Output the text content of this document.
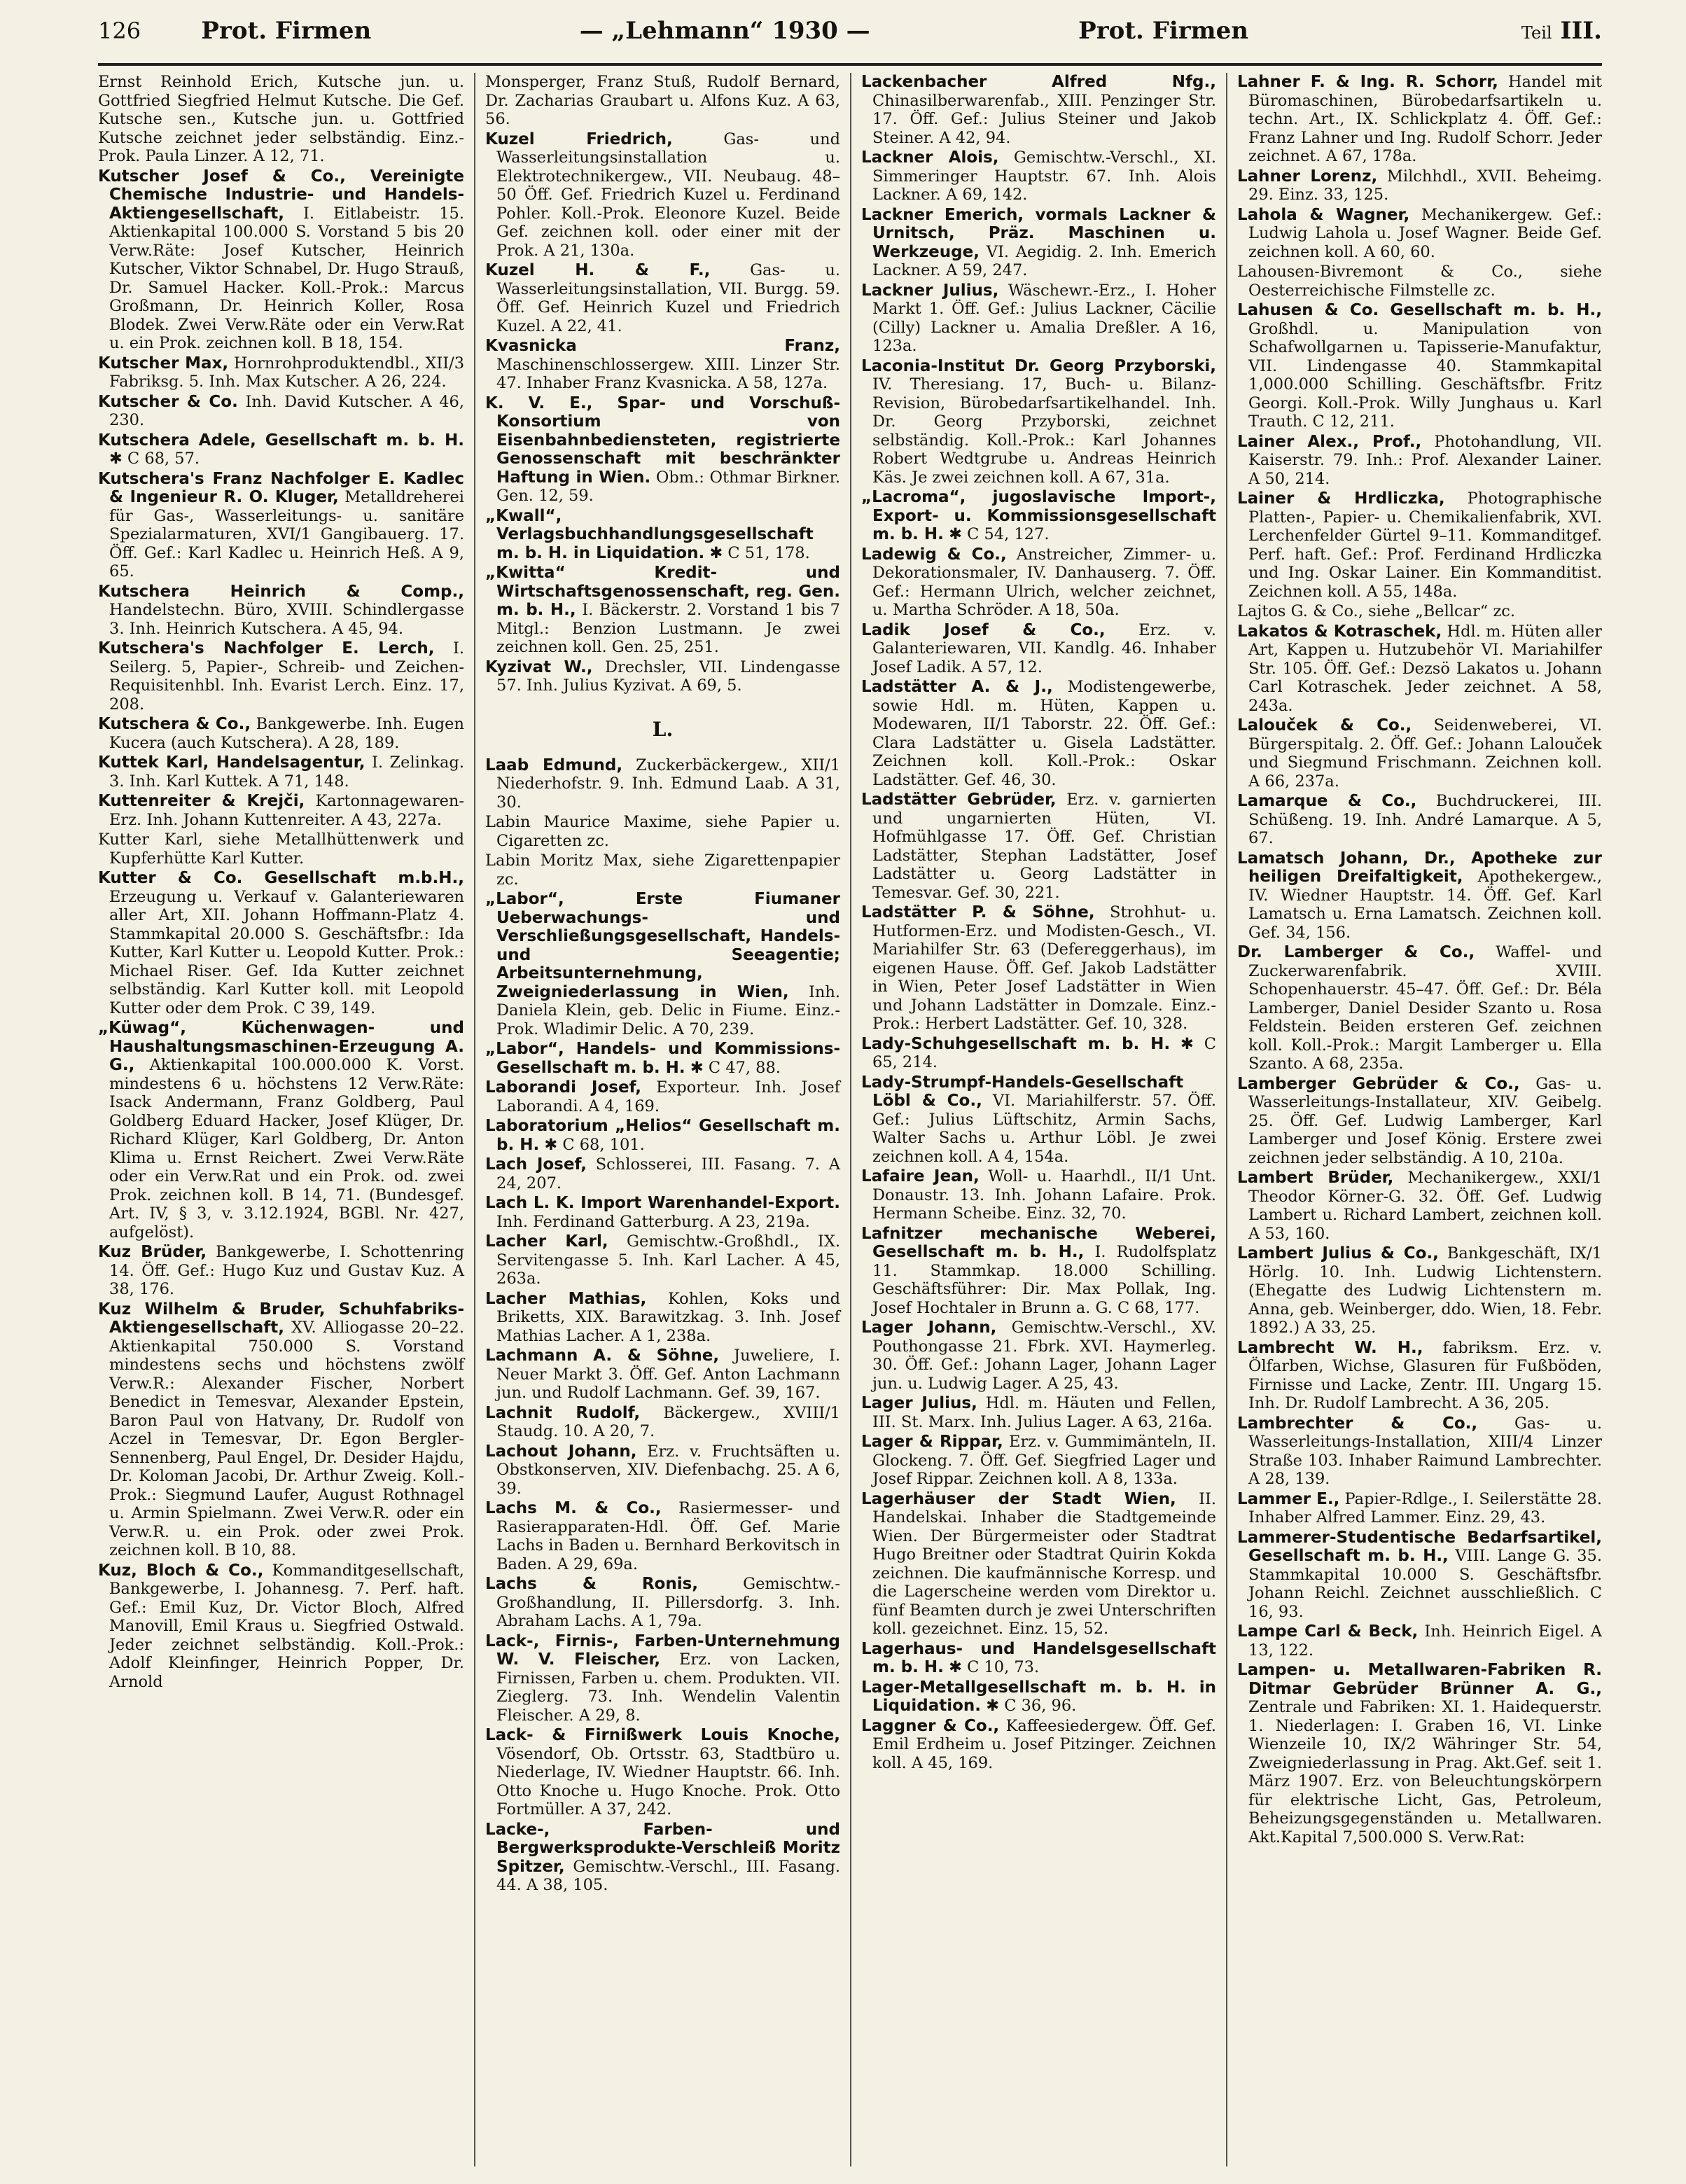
126	Prot. Firmen	— „Lehmann“ 1930 —	Prot. Firmen	Teil III.

Ernst Reinhold Erich, Kutsche jun. u. Gottfried Siegfried Helmut Kutsche. Die Gef. Kutsche sen., Kutsche jun. u. Gottfried Kutsche zeichnet jeder selbständig. Einz.-Prok. Paula Linzer. A 12, 71.

Kutscher Josef & Co., Vereinigte Chemische Industrie- und Handels-Aktiengesellschaft, I. Eitlabeistr. 15. Aktienkapital 100.000 S. Vorstand 5 bis 20 Verw.Räte: Josef Kutscher, Heinrich Kutscher, Viktor Schnabel, Dr. Hugo Strauß, Dr. Samuel Hacker. Koll.-Prok.: Marcus Großmann, Dr. Heinrich Koller, Rosa Blodek. Zwei Verw.Räte oder ein Verw.Rat u. ein Prok. zeichnen koll. B 18, 154.

Kutscher Max, Hornrohproduktendbl., XII/3 Fabriksg. 5. Inh. Max Kutscher. A 26, 224.

Kutscher & Co. Inh. David Kutscher. A 46, 230.

Kutschera Adele, Gesellschaft m. b. H. ✱ C 68, 57.

Kutschera's Franz Nachfolger E. Kadlec & Ingenieur R. O. Kluger, Metalldreherei für Gas-, Wasserleitungs- u. sanitäre Spezialarmaturen, XVI/1 Gangibauerg. 17. Öff. Gef.: Karl Kadlec u. Heinrich Heß. A 9, 65.

Kutschera Heinrich & Comp., Handelstechn. Büro, XVIII. Schindlergasse 3. Inh. Heinrich Kutschera. A 45, 94.

Kutschera's Nachfolger E. Lerch, I. Seilerg. 5, Papier-, Schreib- und Zeichen-Requisitenhbl. Inh. Evarist Lerch. Einz. 17, 208.

Kutschera & Co., Bankgewerbe. Inh. Eugen Kucera (auch Kutschera). A 28, 189.

Kuttek Karl, Handelsagentur, I. Zelinkag. 3. Inh. Karl Kuttek. A 71, 148.

Kuttenreiter & Krejči, Kartonnagewaren-Erz. Inh. Johann Kuttenreiter. A 43, 227a.

Kutter Karl, siehe Metallhüttenwerk und Kupferhütte Karl Kutter.

Kutter & Co. Gesellschaft m.b.H., Erzeugung u. Verkauf v. Galanteriewaren aller Art, XII. Johann Hoffmann-Platz 4. Stammkapital 20.000 S. Geschäftsfbr.: Ida Kutter, Karl Kutter u. Leopold Kutter. Prok.: Michael Riser. Gef. Ida Kutter zeichnet selbständig. Karl Kutter koll. mit Leopold Kutter oder dem Prok. C 39, 149.

„Küwag“, Küchenwagen- und Haushaltungsmaschinen-Erzeugung A. G., Aktienkapital 100.000.000 K. Vorst. mindestens 6 u. höchstens 12 Verw.Räte: Isack Andermann, Franz Goldberg, Paul Goldberg Eduard Hacker, Josef Klüger, Dr. Richard Klüger, Karl Goldberg, Dr. Anton Klima u. Ernst Reichert. Zwei Verw.Räte oder ein Verw.Rat und ein Prok. od. zwei Prok. zeichnen koll. B 14, 71. (Bundesgef. Art. IV, § 3, v. 3.12.1924, BGBl. Nr. 427, aufgelöst).

Kuz Brüder, Bankgewerbe, I. Schottenring 14. Öff. Gef.: Hugo Kuz und Gustav Kuz. A 38, 176.

Kuz Wilhelm & Bruder, Schuhfabriks-Aktiengesellschaft, XV. Alliogasse 20–22. Aktienkapital 750.000 S. Vorstand mindestens sechs und höchstens zwölf Verw.R.: Alexander Fischer, Norbert Benedict in Temesvar, Alexander Epstein, Baron Paul von Hatvany, Dr. Rudolf von Aczel in Temesvar, Dr. Egon Bergler-Sennenberg, Paul Engel, Dr. Desider Hajdu, Dr. Koloman Jacobi, Dr. Arthur Zweig. Koll.-Prok.: Siegmund Laufer, August Rothnagel u. Armin Spielmann. Zwei Verw.R. oder ein Verw.R. u. ein Prok. oder zwei Prok. zeichnen koll. B 10, 88.

Kuz, Bloch & Co., Kommanditgesellschaft, Bankgewerbe, I. Johannesg. 7. Perf. haft. Gef.: Emil Kuz, Dr. Victor Bloch, Alfred Manovill, Emil Kraus u. Siegfried Ostwald. Jeder zeichnet selbständig. Koll.-Prok.: Adolf Kleinfinger, Heinrich Popper, Dr. Arnold

Monsperger, Franz Stuß, Rudolf Bernard, Dr. Zacharias Graubart u. Alfons Kuz. A 63, 56.

Kuzel Friedrich,	Gas- und Wasserleitungsinstallation u. Elektrotechnikergew., VII. Neubaug. 48–50 Öff. Gef. Friedrich Kuzel u. Ferdinand Pohler. Koll.-Prok. Eleonore Kuzel. Beide Gef. zeichnen koll. oder einer mit der Prok. A 21, 130a.

Kuzel H. & F.,	Gas- u. Wasserleitungsinstallation, VII. Burgg. 59. Öff. Gef. Heinrich Kuzel und Friedrich Kuzel. A 22, 41.

Kvasnicka Franz, Maschinenschlossergew. XIII. Linzer Str. 47. Inhaber Franz Kvasnicka. A 58, 127a.

K. V. E., Spar- und Vorschuß-Konsortium von Eisenbahnbediensteten, registrierte Genossenschaft mit beschränkter Haftung in Wien. Obm.: Othmar Birkner. Gen. 12, 59.

„Kwall“, Verlagsbuchhandlungsgesellschaft m. b. H. in Liquidation. ✱ C 51, 178.

„Kwitta“ Kredit- und Wirtschaftsgenossenschaft, reg. Gen. m. b. H., I. Bäckerstr. 2. Vorstand 1 bis 7 Mitgl.: Benzion Lustmann. Je zwei zeichnen koll. Gen. 25, 251.

Kyzivat W., Drechsler, VII. Lindengasse 57. Inh. Julius Kyzivat. A 69, 5.

L.

Laab Edmund, Zuckerbäckergew., XII/1 Niederhofstr. 9. Inh. Edmund Laab. A 31, 30.

Labin Maurice Maxime, siehe Papier u. Cigaretten zc.

Labin Moritz Max, siehe Zigarettenpapier zc.

„Labor“, Erste Fiumaner Ueberwachungs- und Verschließungsgesellschaft, Handels- und Seeagentie; Arbeitsunternehmung, Zweigniederlassung in Wien, Inh. Daniela Klein, geb. Delic in Fiume. Einz.-Prok. Wladimir Delic. A 70, 239.

„Labor“, Handels- und Kommissions-Gesellschaft m. b. H. ✱ C 47, 88.

Laborandi Josef, Exporteur. Inh. Josef Laborandi. A 4, 169.

Laboratorium „Helios“ Gesellschaft m. b. H. ✱ C 68, 101.

Lach Josef, Schlosserei, III. Fasang. 7. A 24, 207.

Lach L. K. Import Warenhandel-Export. Inh. Ferdinand Gatterburg. A 23, 219a.

Lacher Karl, Gemischtw.-Großhdl., IX. Servitengasse 5. Inh. Karl Lacher. A 45, 263a.

Lacher Mathias, Kohlen, Koks und Briketts, XIX. Barawitzkag. 3. Inh. Josef Mathias Lacher. A 1, 238a.

Lachmann A. & Söhne, Juweliere, I. Neuer Markt 3. Öff. Gef. Anton Lachmann jun. und Rudolf Lachmann. Gef. 39, 167.

Lachnit Rudolf, Bäckergew., XVIII/1 Staudg. 10. A 20, 7.

Lachout Johann, Erz. v. Fruchtsäften u. Obstkonserven, XIV. Diefenbachg. 25. A 6, 39.

Lachs M. & Co., Rasiermesser- und Rasierapparaten-Hdl. Öff. Gef. Marie Lachs in Baden u. Bernhard Berkovitsch in Baden. A 29, 69a.

Lachs & Ronis,	Gemischtw.-Großhandlung, II. Pillersdorfg. 3. Inh. Abraham Lachs. A 1, 79a.

Lack-, Firnis-, Farben-Unternehmung W. V. Fleischer, Erz. von Lacken, Firnissen, Farben u. chem. Produkten. VII. Zieglerg. 73. Inh. Wendelin Valentin Fleischer. A 29, 8.

Lack- & Firnißwerk Louis Knoche, Vösendorf, Ob. Ortsstr. 63, Stadtbüro u. Niederlage, IV. Wiedner Hauptstr. 66. Inh. Otto Knoche u. Hugo Knoche. Prok. Otto Fortmüller. A 37, 242.

Lacke-, Farben- und Bergwerksprodukte-Verschleiß Moritz Spitzer, Gemischtw.-Verschl., III. Fasang. 44. A 38, 105.

Lackenbacher Alfred Nfg., Chinasilberwarenfab., XIII. Penzinger Str. 17. Öff. Gef.: Julius Steiner und Jakob Steiner. A 42, 94.

Lackner Alois, Gemischtw.-Verschl., XI. Simmeringer Hauptstr. 67. Inh. Alois Lackner. A 69, 142.

Lackner Emerich, vormals Lackner & Urnitsch, Präz. Maschinen u. Werkzeuge, VI. Aegidig. 2. Inh. Emerich Lackner. A 59, 247.

Lackner Julius, Wäschewr.-Erz., I. Hoher Markt 1. Öff. Gef.: Julius Lackner, Cäcilie (Cilly) Lackner u. Amalia Dreßler. A 16, 123a.

Laconia-Institut Dr. Georg Przyborski, IV. Theresiang. 17, Buch- u. Bilanz-Revision, Bürobedarfsartikelhandel. Inh. Dr. Georg Przyborski, zeichnet selbständig. Koll.-Prok.: Karl Johannes Robert Wedtgrube u. Andreas Heinrich Käs. Je zwei zeichnen koll. A 67, 31a.

„Lacroma“, jugoslavische Import-, Export- u. Kommissionsgesellschaft m. b. H. ✱ C 54, 127.

Ladewig & Co., Anstreicher, Zimmer- u. Dekorationsmaler, IV. Danhauserg. 7. Öff. Gef.: Hermann Ulrich, welcher zeichnet, u. Martha Schröder. A 18, 50a.

Ladik Josef & Co., Erz. v. Galanteriewaren, VII. Kandlg. 46. Inhaber Josef Ladik. A 57, 12.

Ladstätter A. & J., Modistengewerbe, sowie Hdl. m. Hüten, Kappen u. Modewaren, II/1 Taborstr. 22. Öff. Gef.: Clara Ladstätter u. Gisela Ladstätter. Zeichnen koll. Koll.-Prok.: Oskar Ladstätter. Gef. 46, 30.

Ladstätter Gebrüder, Erz. v. garnierten und ungarnierten Hüten, VI. Hofmühlgasse 17. Öff. Gef. Christian Ladstätter, Stephan Ladstätter, Josef Ladstätter u. Georg Ladstätter in Temesvar. Gef. 30, 221.

Ladstätter P. & Söhne, Strohhut- u. Hutformen-Erz. und Modisten-Gesch., VI. Mariahilfer Str. 63 (Defereggerhaus), im eigenen Hause. Öff. Gef. Jakob Ladstätter in Wien, Peter Josef Ladstätter in Wien und Johann Ladstätter in Domzale. Einz.-Prok.: Herbert Ladstätter. Gef. 10, 328.

Lady-Schuhgesellschaft m. b. H. ✱ C 65, 214.

Lady-Strumpf-Handels-Gesellschaft Löbl & Co., VI. Mariahilferstr. 57. Öff. Gef.: Julius Lüftschitz, Armin Sachs, Walter Sachs u. Arthur Löbl. Je zwei zeichnen koll. A 4, 154a.

Lafaire Jean, Woll- u. Haarhdl., II/1 Unt. Donaustr. 13. Inh. Johann Lafaire. Prok. Hermann Scheibe. Einz. 32, 70.

Lafnitzer mechanische Weberei, Gesellschaft m. b. H., I. Rudolfsplatz 11. Stammkap. 18.000 Schilling. Geschäftsführer: Dir. Max Pollak, Ing. Josef Hochtaler in Brunn a. G. C 68, 177.

Lager Johann, Gemischtw.-Verschl., XV. Pouthongasse 21. Fbrk. XVI. Haymerleg. 30. Öff. Gef.: Johann Lager, Johann Lager jun. u. Ludwig Lager. A 25, 43.

Lager Julius, Hdl. m. Häuten und Fellen, III. St. Marx. Inh. Julius Lager. A 63, 216a.

Lager & Rippar, Erz. v. Gummimänteln, II. Glockeng. 7. Öff. Gef. Siegfried Lager und Josef Rippar. Zeichnen koll. A 8, 133a.

Lagerhäuser der Stadt Wien, II. Handelskai. Inhaber die Stadtgemeinde Wien. Der Bürgermeister oder Stadtrat Hugo Breitner oder Stadtrat Quirin Kokda zeichnen. Die kaufmännische Korresp. und die Lagerscheine werden vom Direktor u. fünf Beamten durch je zwei Unterschriften koll. gezeichnet. Einz. 15, 52.

Lagerhaus- und Handelsgesellschaft m. b. H. ✱ C 10, 73.

Lager-Metallgesellschaft m. b. H. in Liquidation. ✱ C 36, 96.

Laggner & Co., Kaffeesiedergew. Öff. Gef. Emil Erdheim u. Josef Pitzinger. Zeichnen koll. A 45, 169.

Lahner F. & Ing. R. Schorr, Handel mit Büromaschinen, Bürobedarfsartikeln u. techn. Art., IX. Schlickplatz 4. Öff. Gef.: Franz Lahner und Ing. Rudolf Schorr. Jeder zeichnet. A 67, 178a.

Lahner Lorenz, Milchhdl., XVII. Beheimg. 29. Einz. 33, 125.

Lahola & Wagner, Mechanikergew. Gef.: Ludwig Lahola u. Josef Wagner. Beide Gef. zeichnen koll. A 60, 60.

Lahousen-Bivremont & Co., siehe Oesterreichische Filmstelle zc.

Lahusen & Co. Gesellschaft m. b. H., Großhdl. u. Manipulation von Schafwollgarnen u. Tapisserie-Manufaktur, VII. Lindengasse 40. Stammkapital 1,000.000 Schilling. Geschäftsfbr. Fritz Georgi. Koll.-Prok. Willy Junghaus u. Karl Trauth. C 12, 211.

Lainer Alex., Prof., Photohandlung, VII. Kaiserstr. 79. Inh.: Prof. Alexander Lainer. A 50, 214.

Lainer & Hrdliczka, Photographische Platten-, Papier- u. Chemikalienfabrik, XVI. Lerchenfelder Gürtel 9–11. Kommanditgef. Perf. haft. Gef.: Prof. Ferdinand Hrdliczka und Ing. Oskar Lainer. Ein Kommanditist. Zeichnen koll. A 55, 148a.

Lajtos G. & Co., siehe „Bellcar“ zc.

Lakatos & Kotraschek, Hdl. m. Hüten aller Art, Kappen u. Hutzubehör VI. Mariahilfer Str. 105. Öff. Gef.: Dezsö Lakatos u. Johann Carl Kotraschek. Jeder zeichnet. A 58, 243a.

Lalouček & Co., Seidenweberei, VI. Bürgerspitalg. 2. Öff. Gef.: Johann Lalouček und Siegmund Frischmann. Zeichnen koll. A 66, 237a.

Lamarque & Co., Buchdruckerei, III. Schüßeng. 19. Inh. André Lamarque. A 5, 67.

Lamatsch Johann, Dr., Apotheke zur heiligen Dreifaltigkeit, Apothekergew., IV. Wiedner Hauptstr. 14. Öff. Gef. Karl Lamatsch u. Erna Lamatsch. Zeichnen koll. Gef. 34, 156.

Dr. Lamberger & Co., Waffel- und Zuckerwarenfabrik. XVIII. Schopenhauerstr. 45–47. Öff. Gef.: Dr. Béla Lamberger, Daniel Desider Szanto u. Rosa Feldstein. Beiden ersteren Gef. zeichnen koll. Koll.-Prok.: Margit Lamberger u. Ella Szanto. A 68, 235a.

Lamberger Gebrüder & Co., Gas- u. Wasserleitungs-Installateur, XIV. Geibelg. 25. Öff. Gef. Ludwig Lamberger, Karl Lamberger und Josef König. Erstere zwei zeichnen jeder selbständig. A 10, 210a.

Lambert Brüder, Mechanikergew., XXI/1 Theodor Körner-G. 32. Öff. Gef. Ludwig Lambert u. Richard Lambert, zeichnen koll. A 53, 160.

Lambert Julius & Co., Bankgeschäft, IX/1 Hörlg. 10. Inh. Ludwig Lichtenstern. (Ehegatte des Ludwig Lichtenstern m. Anna, geb. Weinberger, ddo. Wien, 18. Febr. 1892.) A 33, 25.

Lambrecht W. H., fabriksm. Erz. v. Ölfarben, Wichse, Glasuren für Fußböden, Firnisse und Lacke, Zentr. III. Ungarg 15. Inh. Dr. Rudolf Lambrecht. A 36, 205.

Lambrechter & Co., Gas- u. Wasserleitungs-Installation, XIII/4 Linzer Straße 103. Inhaber Raimund Lambrechter. A 28, 139.

Lammer E., Papier-Rdlge., I. Seilerstätte 28. Inhaber Alfred Lammer. Einz. 29, 43.

Lammerer-Studentische Bedarfsartikel, Gesellschaft m. b. H., VIII. Lange G. 35. Stammkapital 10.000 S. Geschäftsfbr. Johann Reichl. Zeichnet ausschließlich. C 16, 93.

Lampe Carl & Beck, Inh. Heinrich Eigel. A 13, 122.

Lampen- u. Metallwaren-Fabriken R. Ditmar Gebrüder Brünner A. G., Zentrale und Fabriken: XI. 1. Haidequerstr. 1. Niederlagen: I. Graben 16, VI. Linke Wienzeile 10, IX/2 Währinger Str. 54, Zweigniederlassung in Prag. Akt.Gef. seit 1. März 1907. Erz. von Beleuchtungskörpern für elektrische Licht, Gas, Petroleum, Beheizungsgegenständen u. Metallwaren. Akt.Kapital 7,500.000 S. Verw.Rat:
